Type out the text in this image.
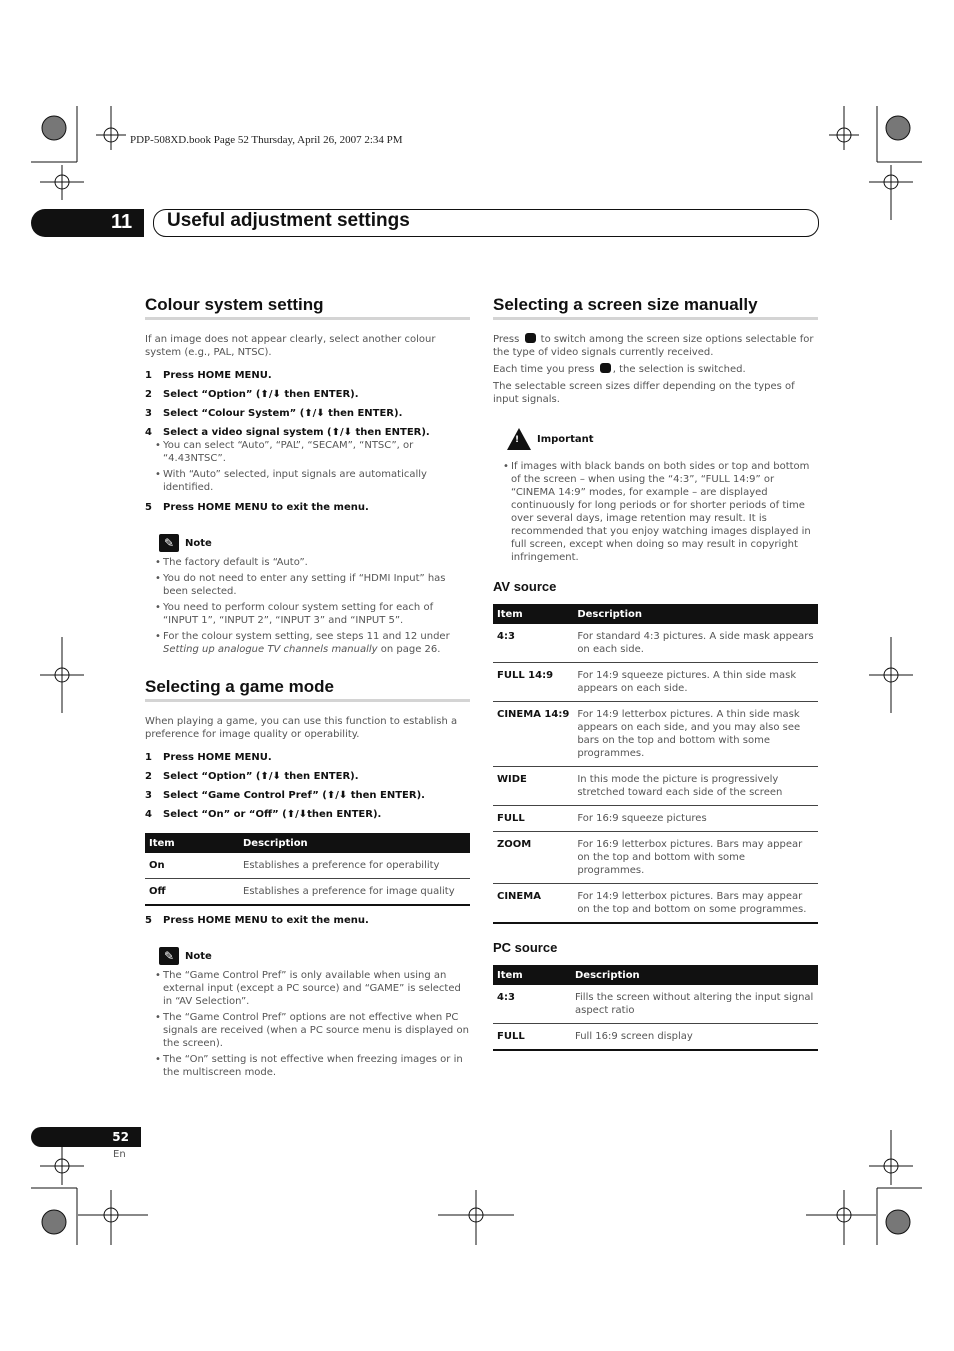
PDP-508XD.book Page 52 Thursday, April 26, 2007 2:34 PM
11 Useful adjustment settings
Colour system setting

If an image does not appear clearly, select another colour system (e.g., PAL, NTSC).

1	Press HOME MENU.
2	Select “Option” (⬆/⬇ then ENTER).
3	Select “Colour System” (⬆/⬇ then ENTER).
4	Select a video signal system (⬆/⬇ then ENTER).
• You can select “Auto”, “PAL”, “SECAM”, “NTSC”, or “4.43NTSC”.
• With “Auto” selected, input signals are automatically identified.
5	Press HOME MENU to exit the menu.
✎	Note
• The factory default is “Auto”.
• You do not need to enter any setting if “HDMI Input” has been selected.
• You need to perform colour system setting for each of “INPUT 1”, “INPUT 2”, “INPUT 3” and “INPUT 5”.
• For the colour system setting, see steps 11 and 12 under Setting up analogue TV channels manually on page 26.
Selecting a game mode

When playing a game, you can use this function to establish a preference for image quality or operability.

1	Press HOME MENU.
2	Select “Option” (⬆/⬇ then ENTER).
3	Select “Game Control Pref” (⬆/⬇ then ENTER).
4	Select “On” or “Off” (⬆/⬇then ENTER).
Item	Description
On	Establishes a preference for operability
Off	Establishes a preference for image quality
5	Press HOME MENU to exit the menu.
✎	Note
• The “Game Control Pref” is only available when using an external input (except a PC source) and “GAME” is selected in “AV Selection”.
• The “Game Control Pref” options are not effective when PC signals are received (when a PC source menu is displayed on the screen).
• The “On” setting is not effective when freezing images or in the multiscreen mode.
Selecting a screen size manually

Press  to switch among the screen size options selectable for the type of video signals currently received.

Each time you press , the selection is switched.

The selectable screen sizes differ depending on the types of input signals.

! Important
• If images with black bands on both sides or top and bottom of the screen – when using the “4:3”, “FULL 14:9” or “CINEMA 14:9” modes, for example – are displayed continuously for long periods or for shorter periods of time over several days, image retention may result. It is recommended that you enjoy watching images displayed in full screen, except when doing so may result in copyright infringement.
AV source
Item	Description
4:3	For standard 4:3 pictures. A side mask appears on each side.
FULL 14:9	For 14:9 squeeze pictures. A thin side mask appears on each side.
CINEMA 14:9	For 14:9 letterbox pictures. A thin side mask appears on each side, and you may also see bars on the top and bottom with some programmes.
WIDE	In this mode the picture is progressively stretched toward each side of the screen
FULL	For 16:9 squeeze pictures
ZOOM	For 16:9 letterbox pictures. Bars may appear on the top and bottom with some programmes.
CINEMA	For 14:9 letterbox pictures. Bars may appear on the top and bottom on some programmes.
PC source
Item	Description
4:3	Fills the screen without altering the input signal aspect ratio
FULL	Full 16:9 screen display
52
En
